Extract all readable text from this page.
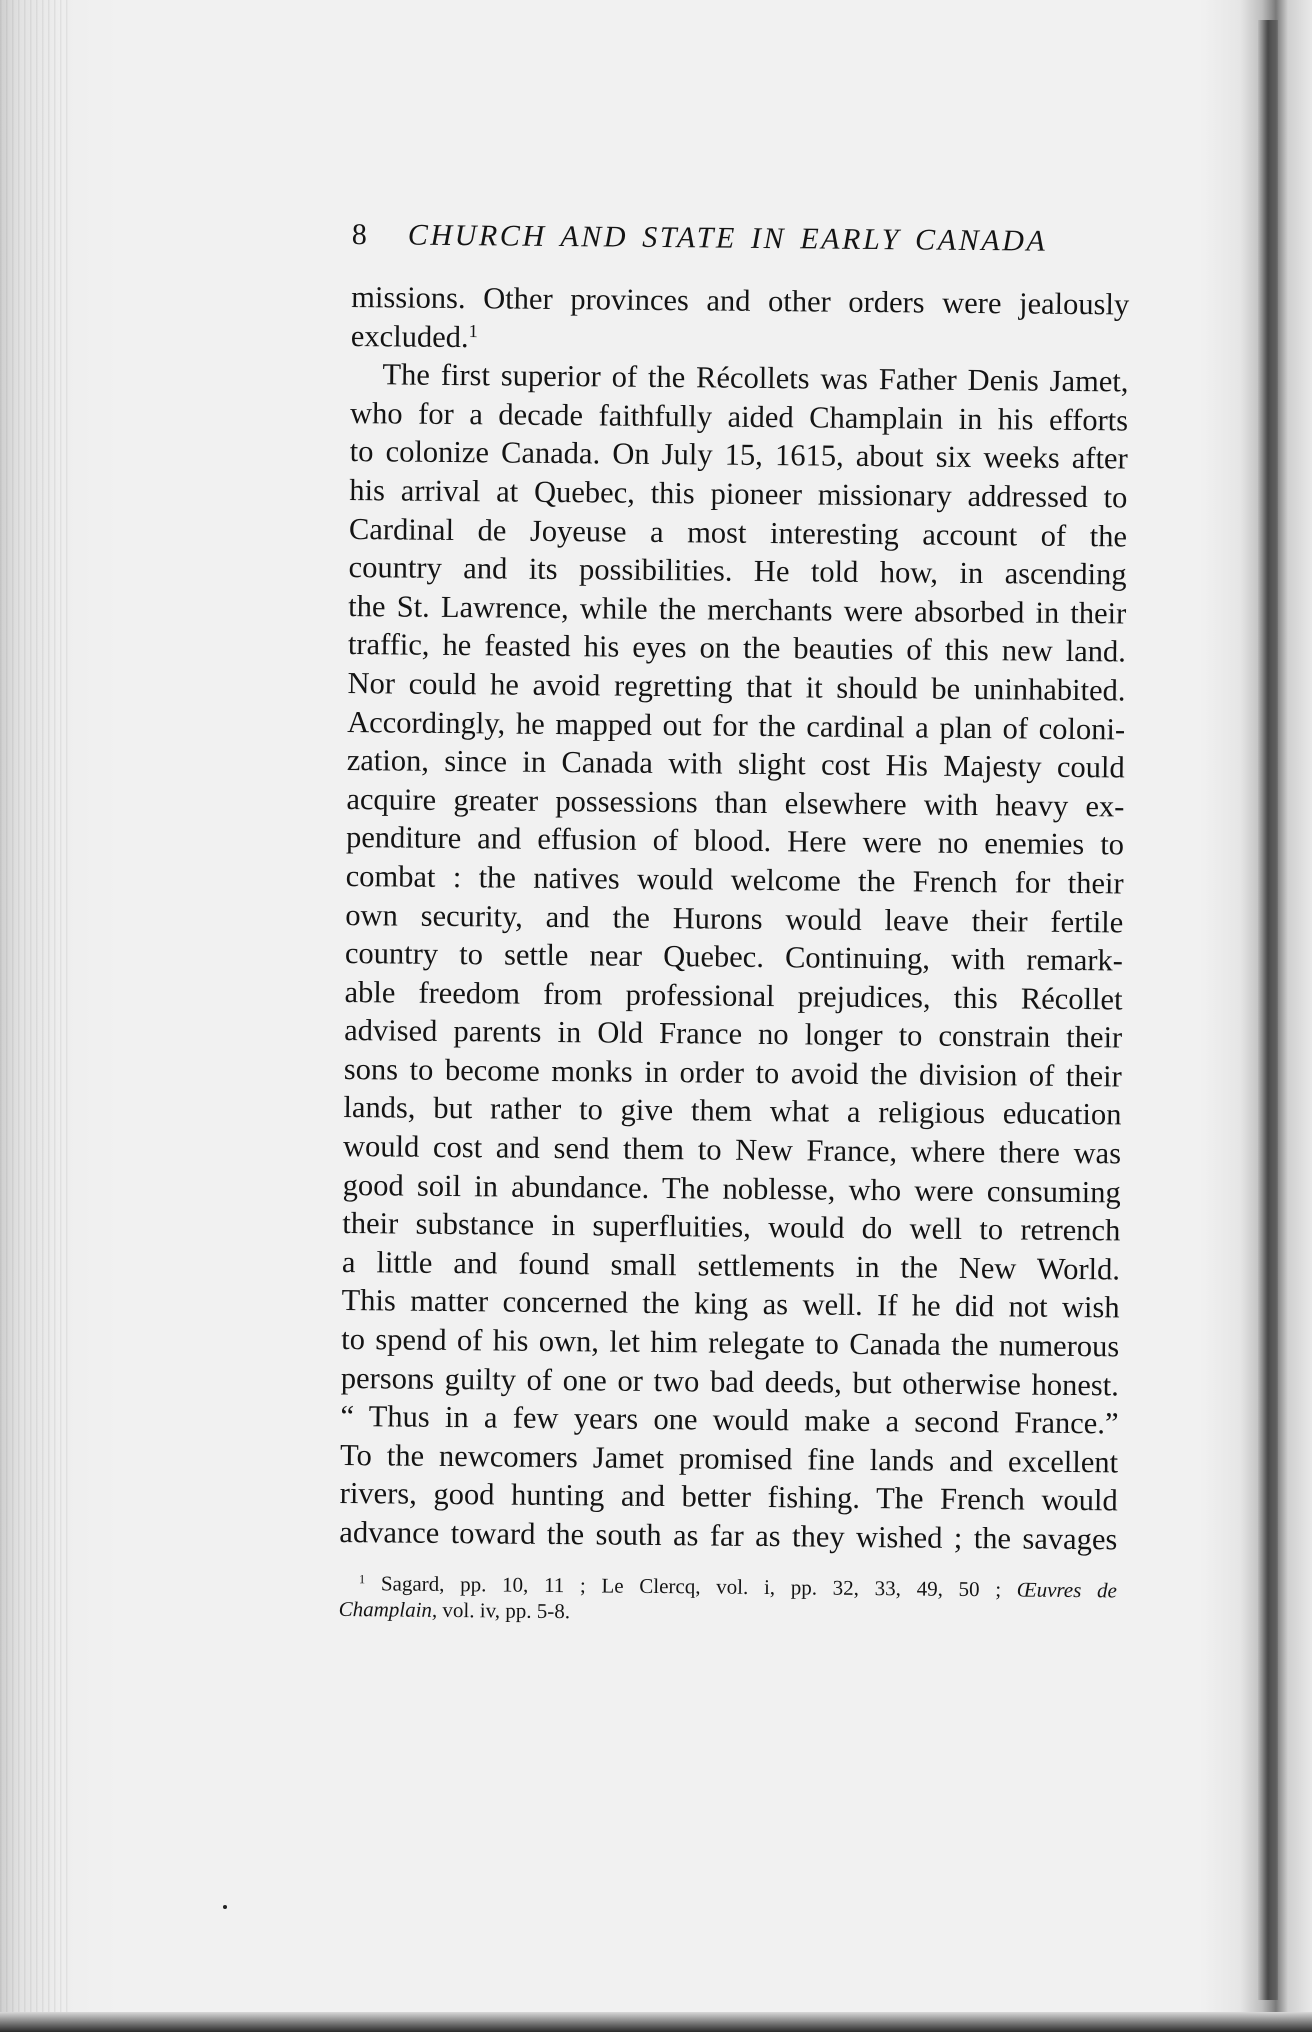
8	CHURCH AND STATE IN EARLY CANADA
missions. Other provinces and other orders were jealously
excluded.$^1$
The first superior of the Récollets was Father Denis Jamet,
who for a decade faithfully aided Champlain in his efforts
to colonize Canada. On July 15, 1615, about six weeks after
his arrival at Quebec, this pioneer missionary addressed to
Cardinal de Joyeuse a most interesting account of the
country and its possibilities. He told how, in ascending
the St. Lawrence, while the merchants were absorbed in their
traffic, he feasted his eyes on the beauties of this new land.
Nor could he avoid regretting that it should be uninhabited.
Accordingly, he mapped out for the cardinal a plan of coloni-
zation, since in Canada with slight cost His Majesty could
acquire greater possessions than elsewhere with heavy ex-
penditure and effusion of blood. Here were no enemies to
combat : the natives would welcome the French for their
own security, and the Hurons would leave their fertile
country to settle near Quebec. Continuing, with remark-
able freedom from professional prejudices, this Récollet
advised parents in Old France no longer to constrain their
sons to become monks in order to avoid the division of their
lands, but rather to give them what a religious education
would cost and send them to New France, where there was
good soil in abundance. The noblesse, who were consuming
their substance in superfluities, would do well to retrench
a little and found small settlements in the New World.
This matter concerned the king as well. If he did not wish
to spend of his own, let him relegate to Canada the numerous
persons guilty of one or two bad deeds, but otherwise honest.
“ Thus in a few years one would make a second France.”
To the newcomers Jamet promised fine lands and excellent
rivers, good hunting and better fishing. The French would
advance toward the south as far as they wished ; the savages
$^1$ Sagard, pp. 10, 11 ; Le Clercq, vol. i, pp. 32, 33, 49, 50 ; Œuvres de
Champlain, vol. iv, pp. 5-8.
